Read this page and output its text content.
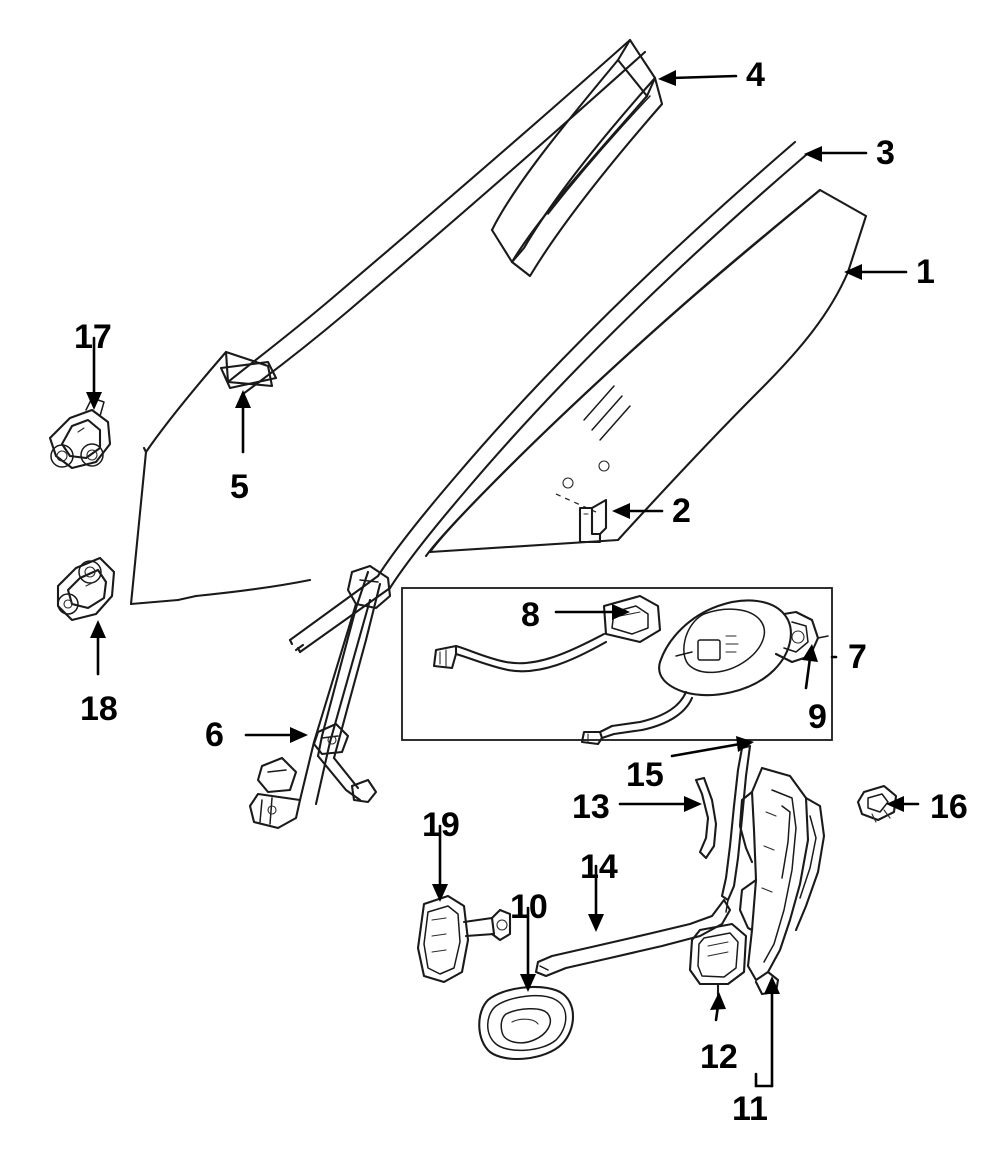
1
2
3
4
5
6
7
8
9
10
11
12
13
14
15
16
17
18
19
